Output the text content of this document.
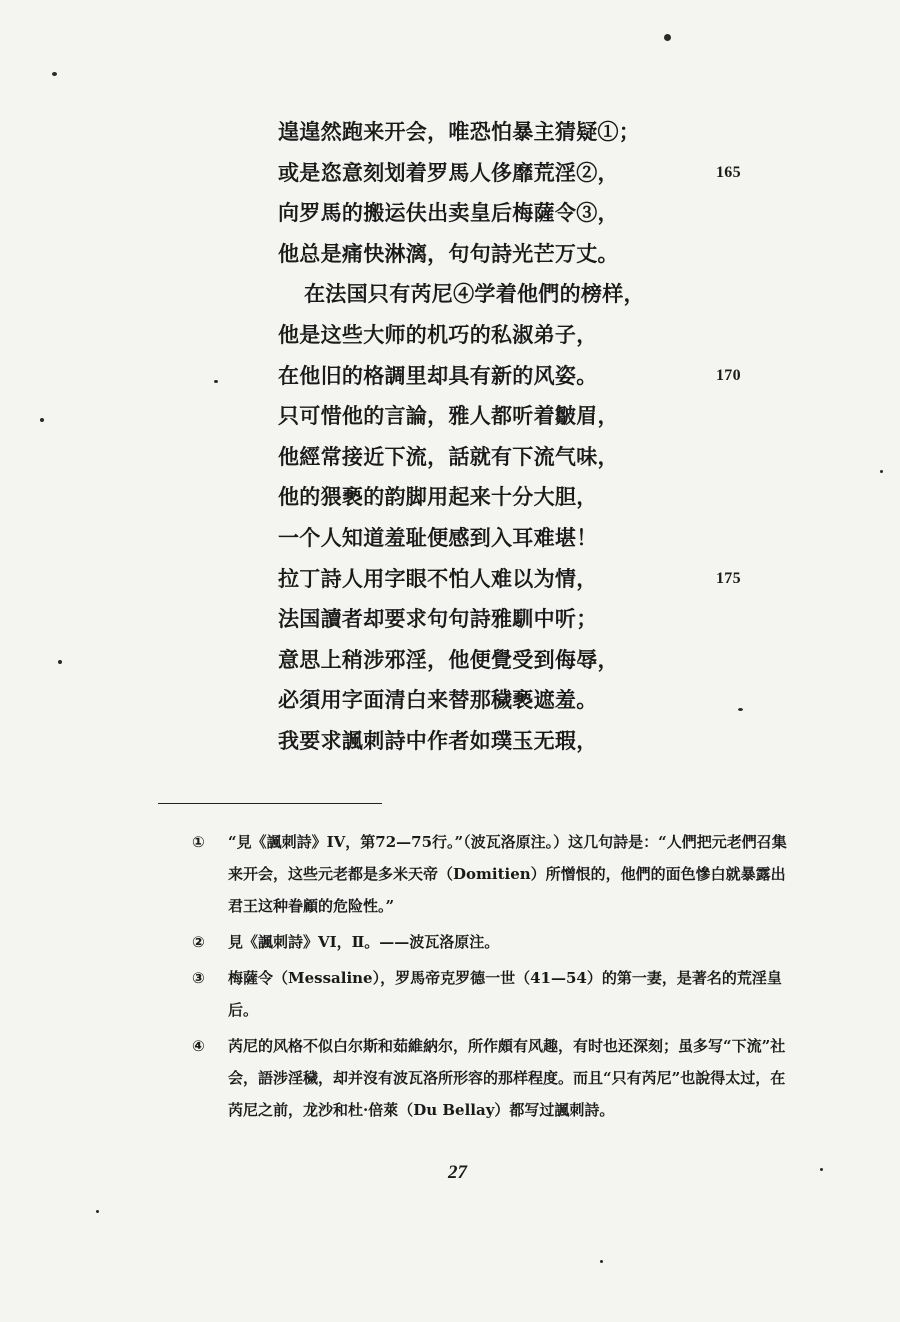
遑遑然跑来开会，唯恐怕暴主猜疑①；
或是恣意刻划着罗馬人侈靡荒淫②，	165
向罗馬的搬运伕出卖皇后梅薩令③，
他总是痛快淋漓，句句詩光芒万丈。
在法国只有芮尼④学着他們的榜样，
他是这些大师的机巧的私淑弟子，
在他旧的格調里却具有新的风姿。	170
只可惜他的言論，雅人都听着皺眉，
他經常接近下流，話就有下流气味，
他的猥褻的韵脚用起来十分大胆，
一个人知道羞耻便感到入耳难堪！
拉丁詩人用字眼不怕人难以为情，	175
法国讀者却要求句句詩雅馴中听；
意思上稍涉邪淫，他便覺受到侮辱，
必須用字面清白来替那穢褻遮羞。
我要求諷刺詩中作者如璞玉无瑕，
① “見《諷刺詩》IV，第72—75行。”（波瓦洛原注。）这几句詩是：“人們把元老們召集来开会，这些元老都是多米天帝（Domitien）所憎恨的，他們的面色慘白就暴露出君王这种眷顧的危险性。”
② 見《諷刺詩》VI，Ⅱ。——波瓦洛原注。
③ 梅薩令（Messaline），罗馬帝克罗德一世（41—54）的第一妻，是著名的荒淫皇后。
④ 芮尼的风格不似白尔斯和茹維納尔，所作頗有风趣，有时也还深刻；虽多写“下流”社会，語涉淫穢，却并沒有波瓦洛所形容的那样程度。而且“只有芮尼”也說得太过，在芮尼之前，龙沙和杜·倍萊（Du Bellay）都写过諷刺詩。
27
